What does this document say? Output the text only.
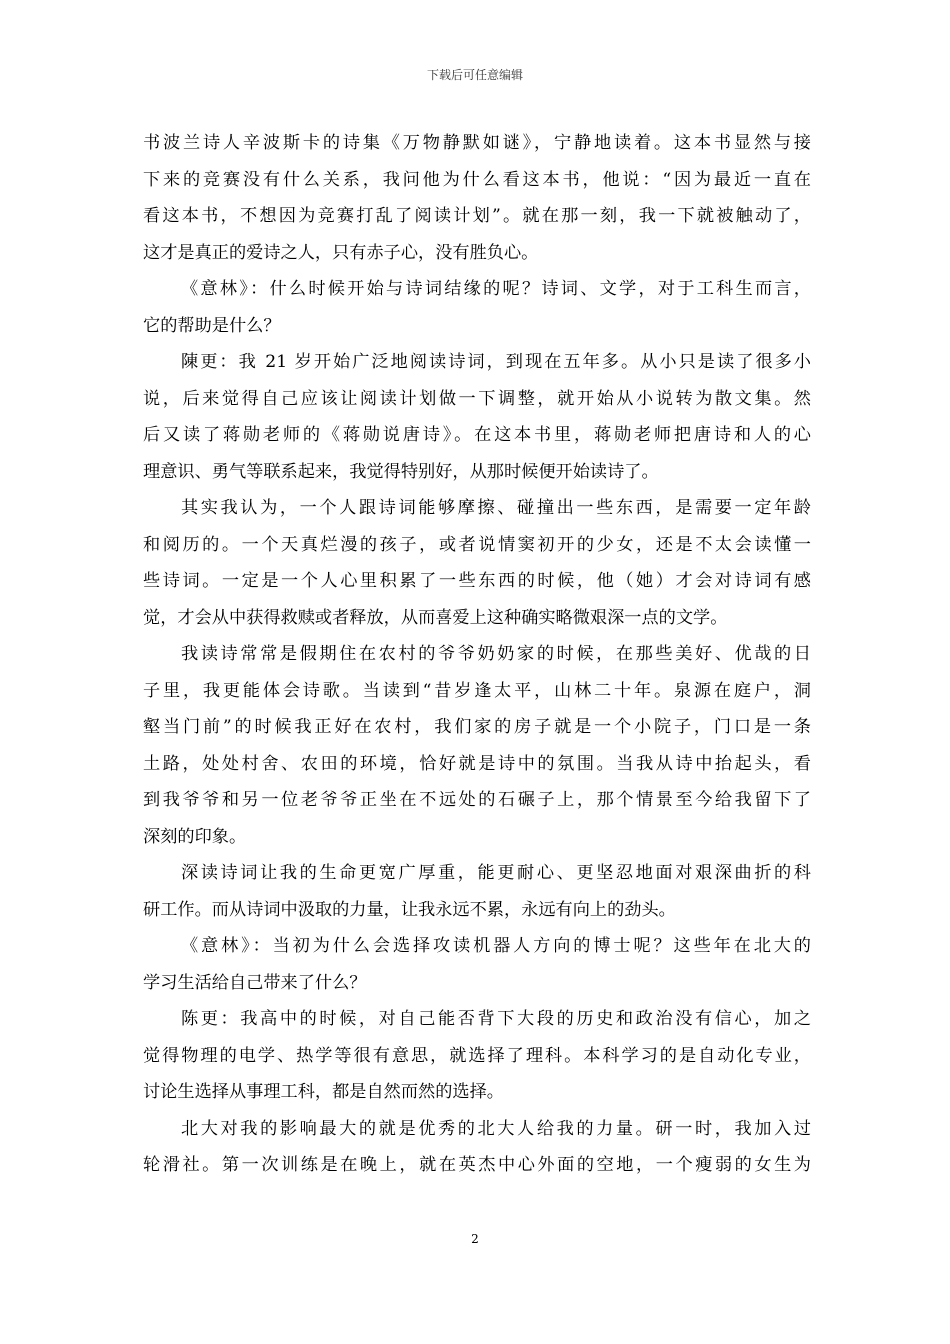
下载后可任意编辑
书波兰诗人辛波斯卡的诗集《万物静默如谜》，宁静地读着。这本书显然与接
下来的竞赛没有什么关系，我问他为什么看这本书，他说：“因为最近一直在
看这本书，不想因为竞赛打乱了阅读计划”。就在那一刻，我一下就被触动了，
这才是真正的爱诗之人，只有赤子心，没有胜负心。
《意林》：什么时候开始与诗词结缘的呢？诗词、文学，对于工科生而言，
它的帮助是什么？
陳更：我 21 岁开始广泛地阅读诗词，到现在五年多。从小只是读了很多小
说，后来觉得自己应该让阅读计划做一下调整，就开始从小说转为散文集。然
后又读了蒋勋老师的《蒋勋说唐诗》。在这本书里，蒋勋老师把唐诗和人的心
理意识、勇气等联系起来，我觉得特别好，从那时候便开始读诗了。
其实我认为，一个人跟诗词能够摩擦、碰撞出一些东西，是需要一定年龄
和阅历的。一个天真烂漫的孩子，或者说情窦初开的少女，还是不太会读懂一
些诗词。一定是一个人心里积累了一些东西的时候，他（她）才会对诗词有感
觉，才会从中获得救赎或者释放，从而喜爱上这种确实略微艰深一点的文学。
我读诗常常是假期住在农村的爷爷奶奶家的时候，在那些美好、优哉的日
子里，我更能体会诗歌。当读到“昔岁逢太平，山林二十年。泉源在庭户，洞
壑当门前”的时候我正好在农村，我们家的房子就是一个小院子，门口是一条
土路，处处村舍、农田的环境，恰好就是诗中的氛围。当我从诗中抬起头，看
到我爷爷和另一位老爷爷正坐在不远处的石碾子上，那个情景至今给我留下了
深刻的印象。
深读诗词让我的生命更宽广厚重，能更耐心、更坚忍地面对艰深曲折的科
研工作。而从诗词中汲取的力量，让我永远不累，永远有向上的劲头。
《意林》：当初为什么会选择攻读机器人方向的博士呢？这些年在北大的
学习生活给自己带来了什么？
陈更：我高中的时候，对自己能否背下大段的历史和政治没有信心，加之
觉得物理的电学、热学等很有意思，就选择了理科。本科学习的是自动化专业，
讨论生选择从事理工科，都是自然而然的选择。
北大对我的影响最大的就是优秀的北大人给我的力量。研一时，我加入过
轮滑社。第一次训练是在晚上，就在英杰中心外面的空地，一个瘦弱的女生为
2
